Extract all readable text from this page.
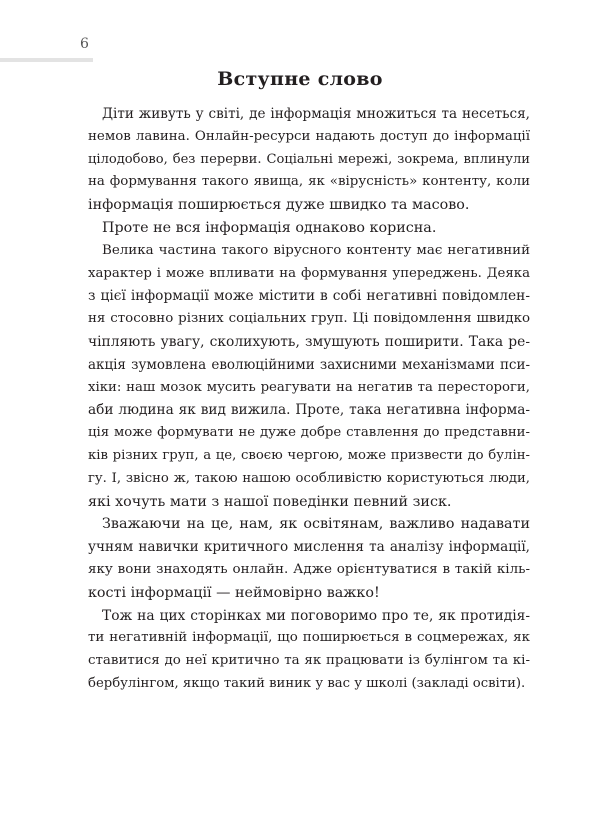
6
Вступне слово

Діти живуть у світі, де інформація множиться та несеться,
немов лавина. Онлайн-ресурси надають доступ до інформації
цілодобово, без перерви. Соціальні мережі, зокрема, вплинули
на формування такого явища, як «вірусність» контенту, коли
інформація поширюється дуже швидко та масово.

Проте не вся інформація однаково корисна.

Велика частина такого вірусного контенту має негативний
характер і може впливати на формування упереджень. Деяка
з цієї інформації може містити в собі негативні повідомлен-
ня стосовно різних соціальних груп. Ці повідомлення швидко
чіпляють увагу, сколихують, змушують поширити. Така ре-
акція зумовлена еволюційними захисними механізмами пси-
хіки: наш мозок мусить реагувати на негатив та перестороги,
аби людина як вид вижила. Проте, така негативна інформа-
ція може формувати не дуже добре ставлення до представни-
ків різних груп, а це, своєю чергою, може призвести до булін-
гу. І, звісно ж, такою нашою особливістю користуються люди,
які хочуть мати з нашої поведінки певний зиск.

Зважаючи на це, нам, як освітянам, важливо надавати
учням навички критичного мислення та аналізу інформації,
яку вони знаходять онлайн. Адже орієнтуватися в такій кіль-
кості інформації — неймовірно важко!

Тож на цих сторінках ми поговоримо про те, як протидія-
ти негативній інформації, що поширюється в соцмережах, як
ставитися до неї критично та як працювати із булінгом та кі-
бербулінгом, якщо такий виник у вас у школі (закладі освіти).
